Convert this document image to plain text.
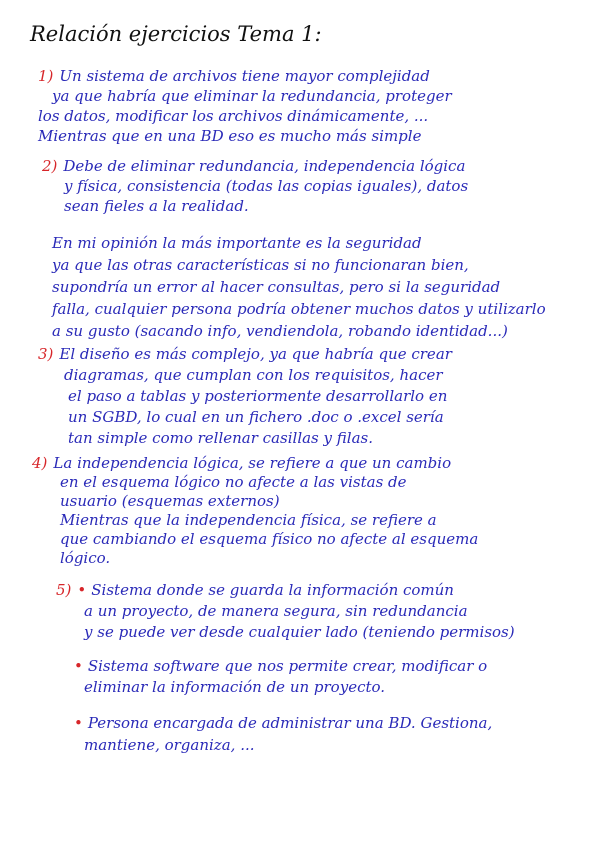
Relación ejercicios Tema 1:
1) Un sistema de archivos tiene mayor complejidad
ya que habría que eliminar la redundancia, proteger
los datos, modificar los archivos dinámicamente, ...
Mientras que en una BD eso es mucho más simple
2) Debe de eliminar redundancia, independencia lógica
y física, consistencia (todas las copias iguales), datos
sean fieles a la realidad.
En mi opinión la más importante es la seguridad
ya que las otras características si no funcionaran bien,
supondría un error al hacer consultas, pero si la seguridad
falla, cualquier persona podría obtener muchos datos y utilizarlo
a su gusto (sacando info, vendiendola, robando identidad...)
3) El diseño es más complejo, ya que habría que crear
diagramas, que cumplan con los requisitos, hacer
el paso a tablas y posteriormente desarrollarlo en
un SGBD, lo cual en un fichero .doc o .excel sería
tan simple como rellenar casillas y filas.
4) La independencia lógica, se refiere a que un cambio
en el esquema lógico no afecte a las vistas de
usuario (esquemas externos)
Mientras que la independencia física, se refiere a
que cambiando el esquema físico no afecte al esquema
lógico.
5) • Sistema donde se guarda la información común
a un proyecto, de manera segura, sin redundancia
y se puede ver desde cualquier lado (teniendo permisos)
• Sistema software que nos permite crear, modificar o
eliminar la información de un proyecto.
• Persona encargada de administrar una BD. Gestiona,
mantiene, organiza, ...
